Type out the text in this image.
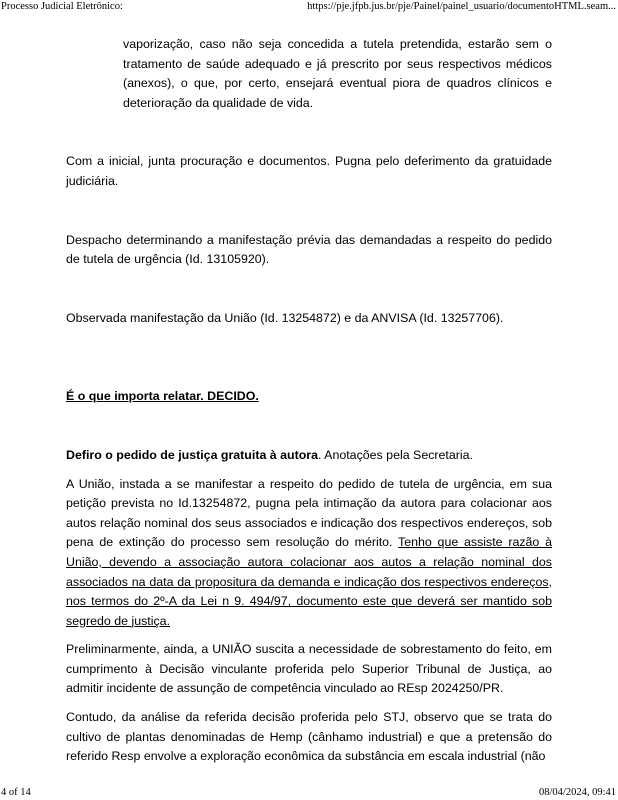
Processo Judicial Eletrônico:	https://pje.jfpb.jus.br/pje/Painel/painel_usuario/documentoHTML.seam...

vaporização, caso não seja concedida a tutela pretendida, estarão sem o tratamento de saúde adequado e já prescrito por seus respectivos médicos (anexos), o que, por certo, ensejará eventual piora de quadros clínicos e deterioração da qualidade de vida.

Com a inicial, junta procuração e documentos. Pugna pelo deferimento da gratuidade judiciária.

Despacho determinando a manifestação prévia das demandadas a respeito do pedido de tutela de urgência (Id. 13105920).

Observada manifestação da União (Id. 13254872) e da ANVISA (Id. 13257706).

É o que importa relatar. DECIDO.

Defiro o pedido de justiça gratuita à autora. Anotações pela Secretaria.

A União, instada a se manifestar a respeito do pedido de tutela de urgência, em sua petição prevista no Id.13254872, pugna pela intimação da autora para colacionar aos autos relação nominal dos seus associados e indicação dos respectivos endereços, sob pena de extinção do processo sem resolução do mérito. Tenho que assiste razão à União, devendo a associação autora colacionar aos autos a relação nominal dos associados na data da propositura da demanda e indicação dos respectivos endereços, nos termos do 2º-A da Lei n 9. 494/97, documento este que deverá ser mantido sob segredo de justiça.

Preliminarmente, ainda, a UNIÃO suscita a necessidade de sobrestamento do feito, em cumprimento à Decisão vinculante proferida pelo Superior Tribunal de Justiça, ao admitir incidente de assunção de competência vinculado ao REsp 2024250/PR.

Contudo, da análise da referida decisão proferida pelo STJ, observo que se trata do cultivo de plantas denominadas de Hemp (cânhamo industrial) e que a pretensão do referido Resp envolve a exploração econômica da substância em escala industrial (não

4 of 14	08/04/2024, 09:41
